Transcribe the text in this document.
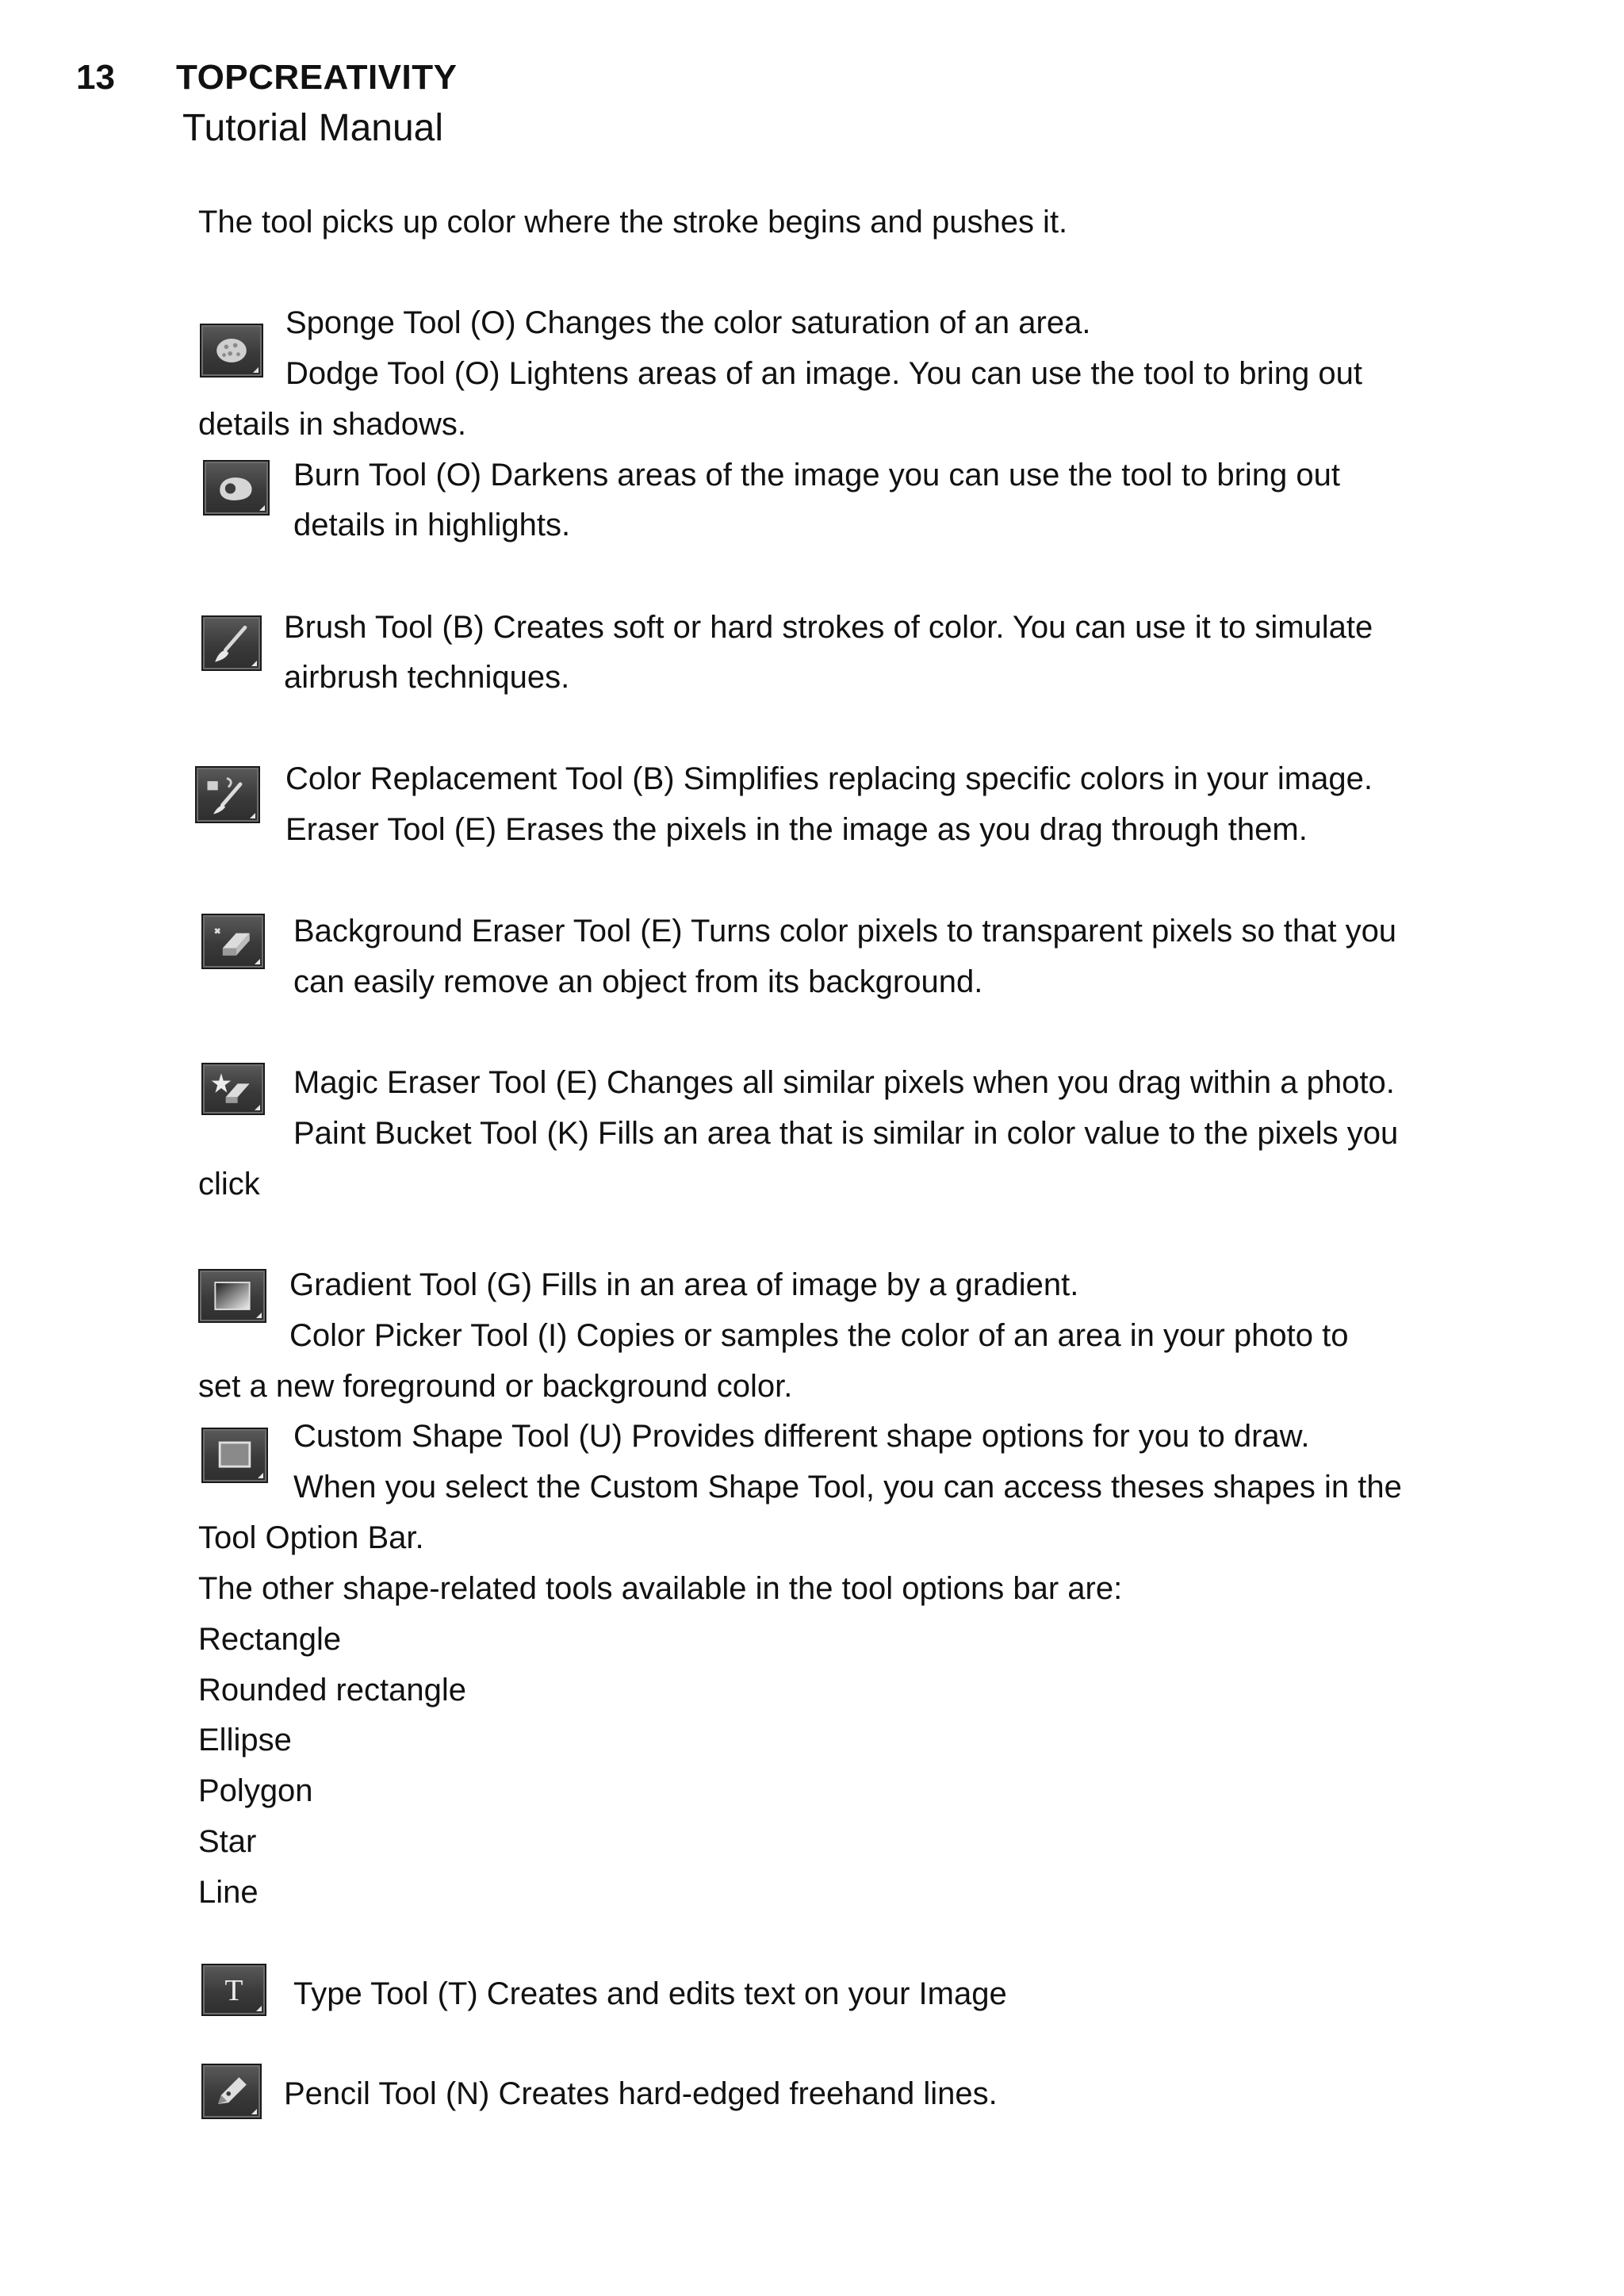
13 TOPCREATIVITY
Tutorial Manual
The tool picks up color where the stroke begins and pushes it.
Sponge Tool (O) Changes the color saturation of an area.
Dodge Tool (O) Lightens areas of an image. You can use the tool to bring out
details in shadows.
Burn Tool (O) Darkens areas of the image you can use the tool to bring out
details in highlights.
Brush Tool (B) Creates soft or hard strokes of color. You can use it to simulate
airbrush techniques.
Color Replacement Tool (B) Simplifies replacing specific colors in your image.
Eraser Tool (E) Erases the pixels in the image as you drag through them.
Background Eraser Tool (E) Turns color pixels to transparent pixels so that you
can easily remove an object from its background.
Magic Eraser Tool (E) Changes all similar pixels when you drag within a photo.
Paint Bucket Tool (K) Fills an area that is similar in color value to the pixels you
click
Gradient Tool (G) Fills in an area of image by a gradient.
Color Picker Tool (I) Copies or samples the color of an area in your photo to
set a new foreground or background color.
Custom Shape Tool (U) Provides different shape options for you to draw.
When you select the Custom Shape Tool, you can access theses shapes in the
Tool Option Bar.
The other shape-related tools available in the tool options bar are:
Rectangle
Rounded rectangle
Ellipse
Polygon
Star
Line
Type Tool (T) Creates and edits text on your Image
Pencil Tool (N) Creates hard-edged freehand lines.
T
